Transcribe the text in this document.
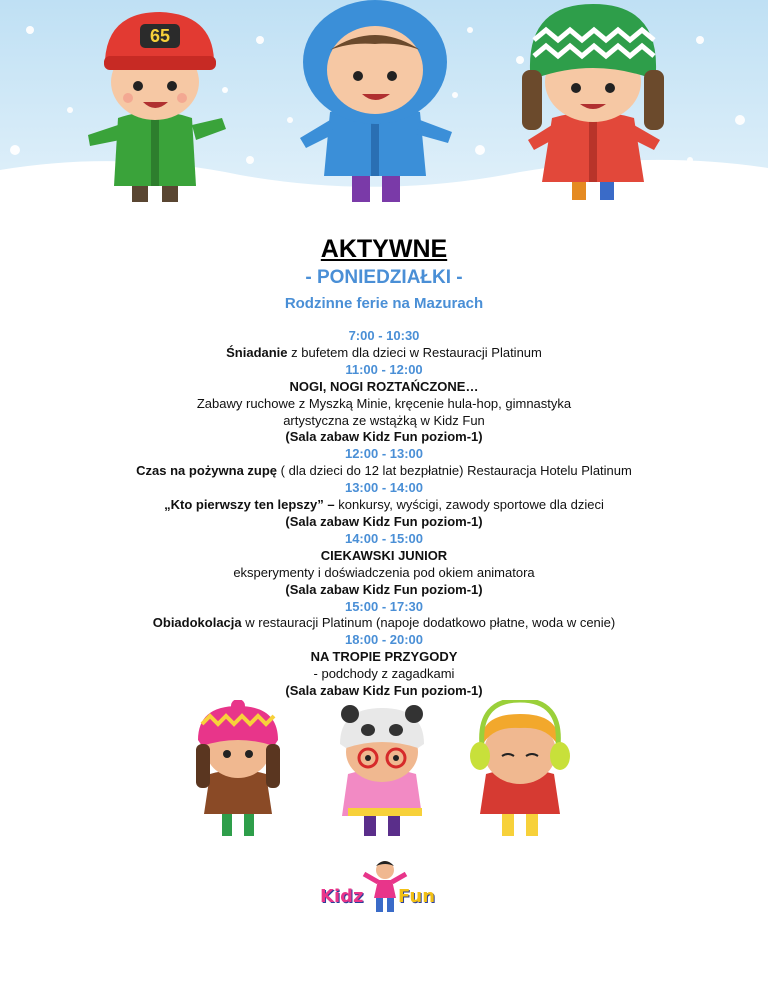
65
AKTYWNE
- PONIEDZIAŁKI -
Rodzinne ferie na Mazurach
7:00 - 10:30
Śniadanie z bufetem dla dzieci w Restauracji Platinum
11:00 - 12:00
NOGI, NOGI ROZTAŃCZONE…
Zabawy ruchowe z Myszką Minie, kręcenie hula-hop, gimnastyka
artystyczna ze wstążką w Kidz Fun
(Sala zabaw Kidz Fun poziom-1)
12:00 - 13:00
Czas na pożywna zupę ( dla dzieci do 12 lat bezpłatnie) Restauracja Hotelu Platinum
13:00 - 14:00
„Kto pierwszy ten lepszy” – konkursy, wyścigi, zawody sportowe dla dzieci
(Sala zabaw Kidz Fun poziom-1)
14:00 - 15:00
CIEKAWSKI JUNIOR
eksperymenty i doświadczenia pod okiem animatora
(Sala zabaw Kidz Fun poziom-1)
15:00 - 17:30
Obiadokolacja w restauracji Platinum (napoje dodatkowo płatne, woda w cenie)
18:00 - 20:00
NA TROPIE PRZYGODY
- podchody z zagadkami
(Sala zabaw Kidz Fun poziom-1)
Kidz Fun
